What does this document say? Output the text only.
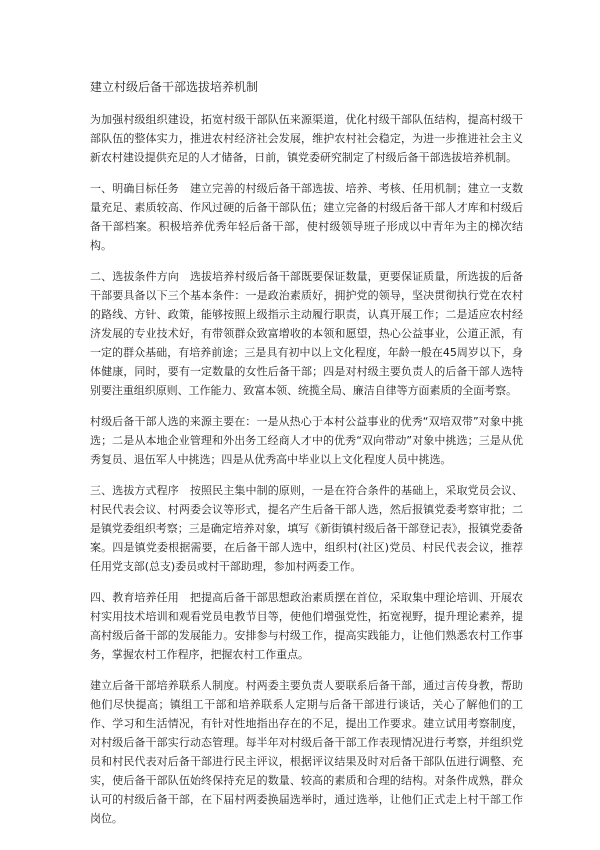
建立村级后备干部选拔培养机制

为加强村级组织建设，拓宽村级干部队伍来源渠道，优化村级干部队伍结构，提高村级干部队伍的整体实力，推进农村经济社会发展，维护农村社会稳定，为进一步推进社会主义新农村建设提供充足的人才储备，日前，镇党委研究制定了村级后备干部选拔培养机制。

一、明确目标任务　建立完善的村级后备干部选拔、培养、考核、任用机制；建立一支数量充足、素质较高、作风过硬的后备干部队伍；建立完备的村级后备干部人才库和村级后备干部档案。积极培养优秀年轻后备干部，使村级领导班子形成以中青年为主的梯次结构。

二、选拔条件方向　选拔培养村级后备干部既要保证数量，更要保证质量，所选拔的后备干部要具备以下三个基本条件：一是政治素质好，拥护党的领导，坚决贯彻执行党在农村的路线、方针、政策，能够按照上级指示主动履行职责，认真开展工作；二是适应农村经济发展的专业技术好，有带领群众致富增收的本领和愿望，热心公益事业，公道正派，有一定的群众基础，有培养前途；三是具有初中以上文化程度，年龄一般在45周岁以下，身体健康，同时，要有一定数量的女性后备干部；四是对村级主要负责人的后备干部人选特别要注重组织原则、工作能力、致富本领、统揽全局、廉洁自律等方面素质的全面考察。

村级后备干部人选的来源主要在：一是从热心于本村公益事业的优秀“双培双带”对象中挑选；二是从本地企业管理和外出务工经商人才中的优秀“双向带动”对象中挑选；三是从优秀复员、退伍军人中挑选；四是从优秀高中毕业以上文化程度人员中挑选。

三、选拔方式程序　按照民主集中制的原则，一是在符合条件的基础上，采取党员会议、村民代表会议、村两委会议等形式，提名产生后备干部人选，然后报镇党委考察审批；二是镇党委组织考察；三是确定培养对象，填写《新街镇村级后备干部登记表》，报镇党委备案。四是镇党委根据需要，在后备干部人选中，组织村(社区)党员、村民代表会议，推荐任用党支部(总支)委员或村干部助理，参加村两委工作。

四、教育培养任用　把提高后备干部思想政治素质摆在首位，采取集中理论培训、开展农村实用技术培训和观看党员电教节目等，使他们增强党性，拓宽视野，提升理论素养，提高村级后备干部的发展能力。安排参与村级工作，提高实践能力，让他们熟悉农村工作事务，掌握农村工作程序，把握农村工作重点。

建立后备干部培养联系人制度。村两委主要负责人要联系后备干部，通过言传身教，帮助他们尽快提高；镇组工干部和培养联系人定期与后备干部进行谈话，关心了解他们的工作、学习和生活情况，有针对性地指出存在的不足，提出工作要求。建立试用考察制度，对村级后备干部实行动态管理。每半年对村级后备干部工作表现情况进行考察，并组织党员和村民代表对后备干部进行民主评议，根据评议结果及时对后备干部队伍进行调整、充实，使后备干部队伍始终保持充足的数量、较高的素质和合理的结构。对条件成熟，群众认可的村级后备干部，在下届村两委换届选举时，通过选举，让他们正式走上村干部工作岗位。
